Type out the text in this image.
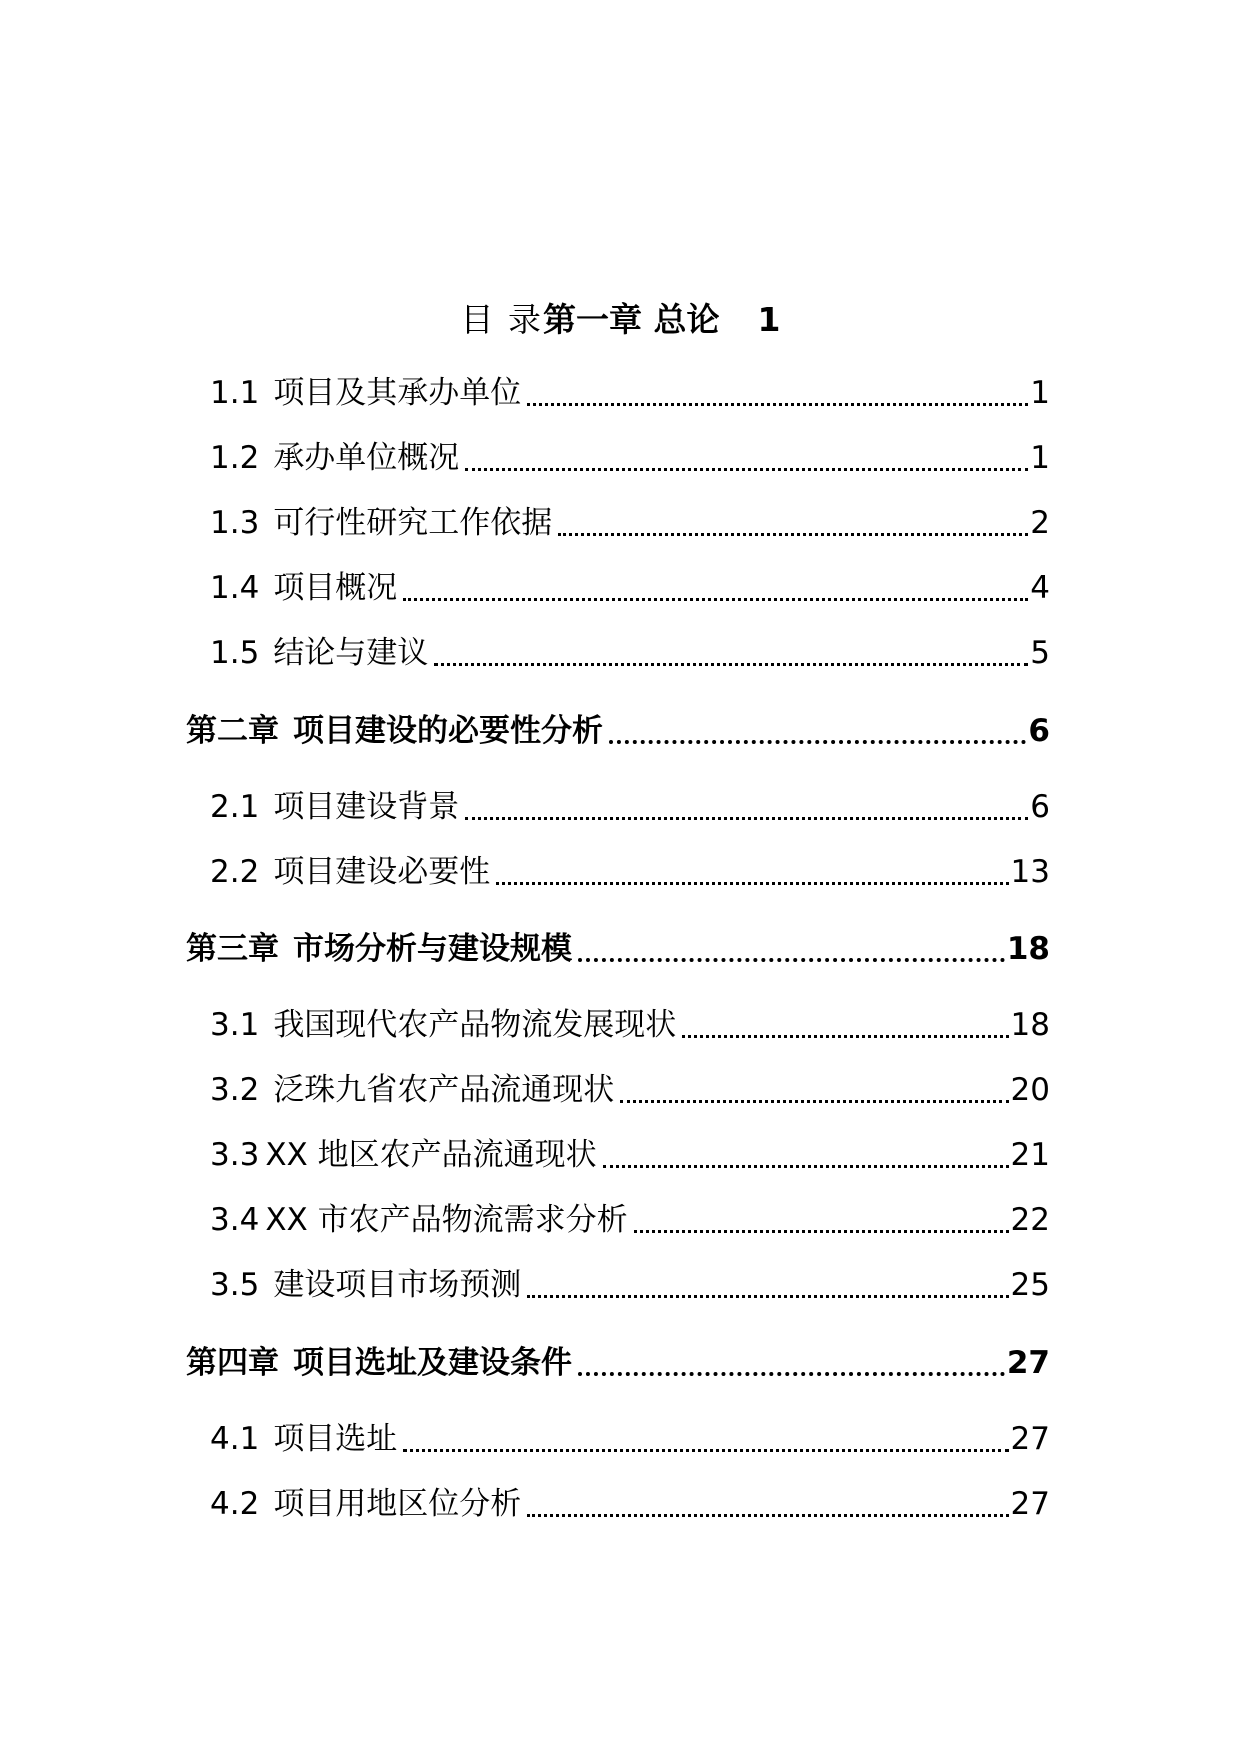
目 录第一章 总论 1
1.1 项目及其承办单位	1
1.2 承办单位概况	1
1.3 可行性研究工作依据	2
1.4 项目概况	4
1.5 结论与建议	5
第二章 项目建设的必要性分析	6
2.1 项目建设背景	6
2.2 项目建设必要性	13
第三章 市场分析与建设规模	18
3.1 我国现代农产品物流发展现状	18
3.2 泛珠九省农产品流通现状	20
3.3 XX 地区农产品流通现状	21
3.4 XX 市农产品物流需求分析	22
3.5 建设项目市场预测	25
第四章 项目选址及建设条件	27
4.1 项目选址	27
4.2 项目用地区位分析	27
